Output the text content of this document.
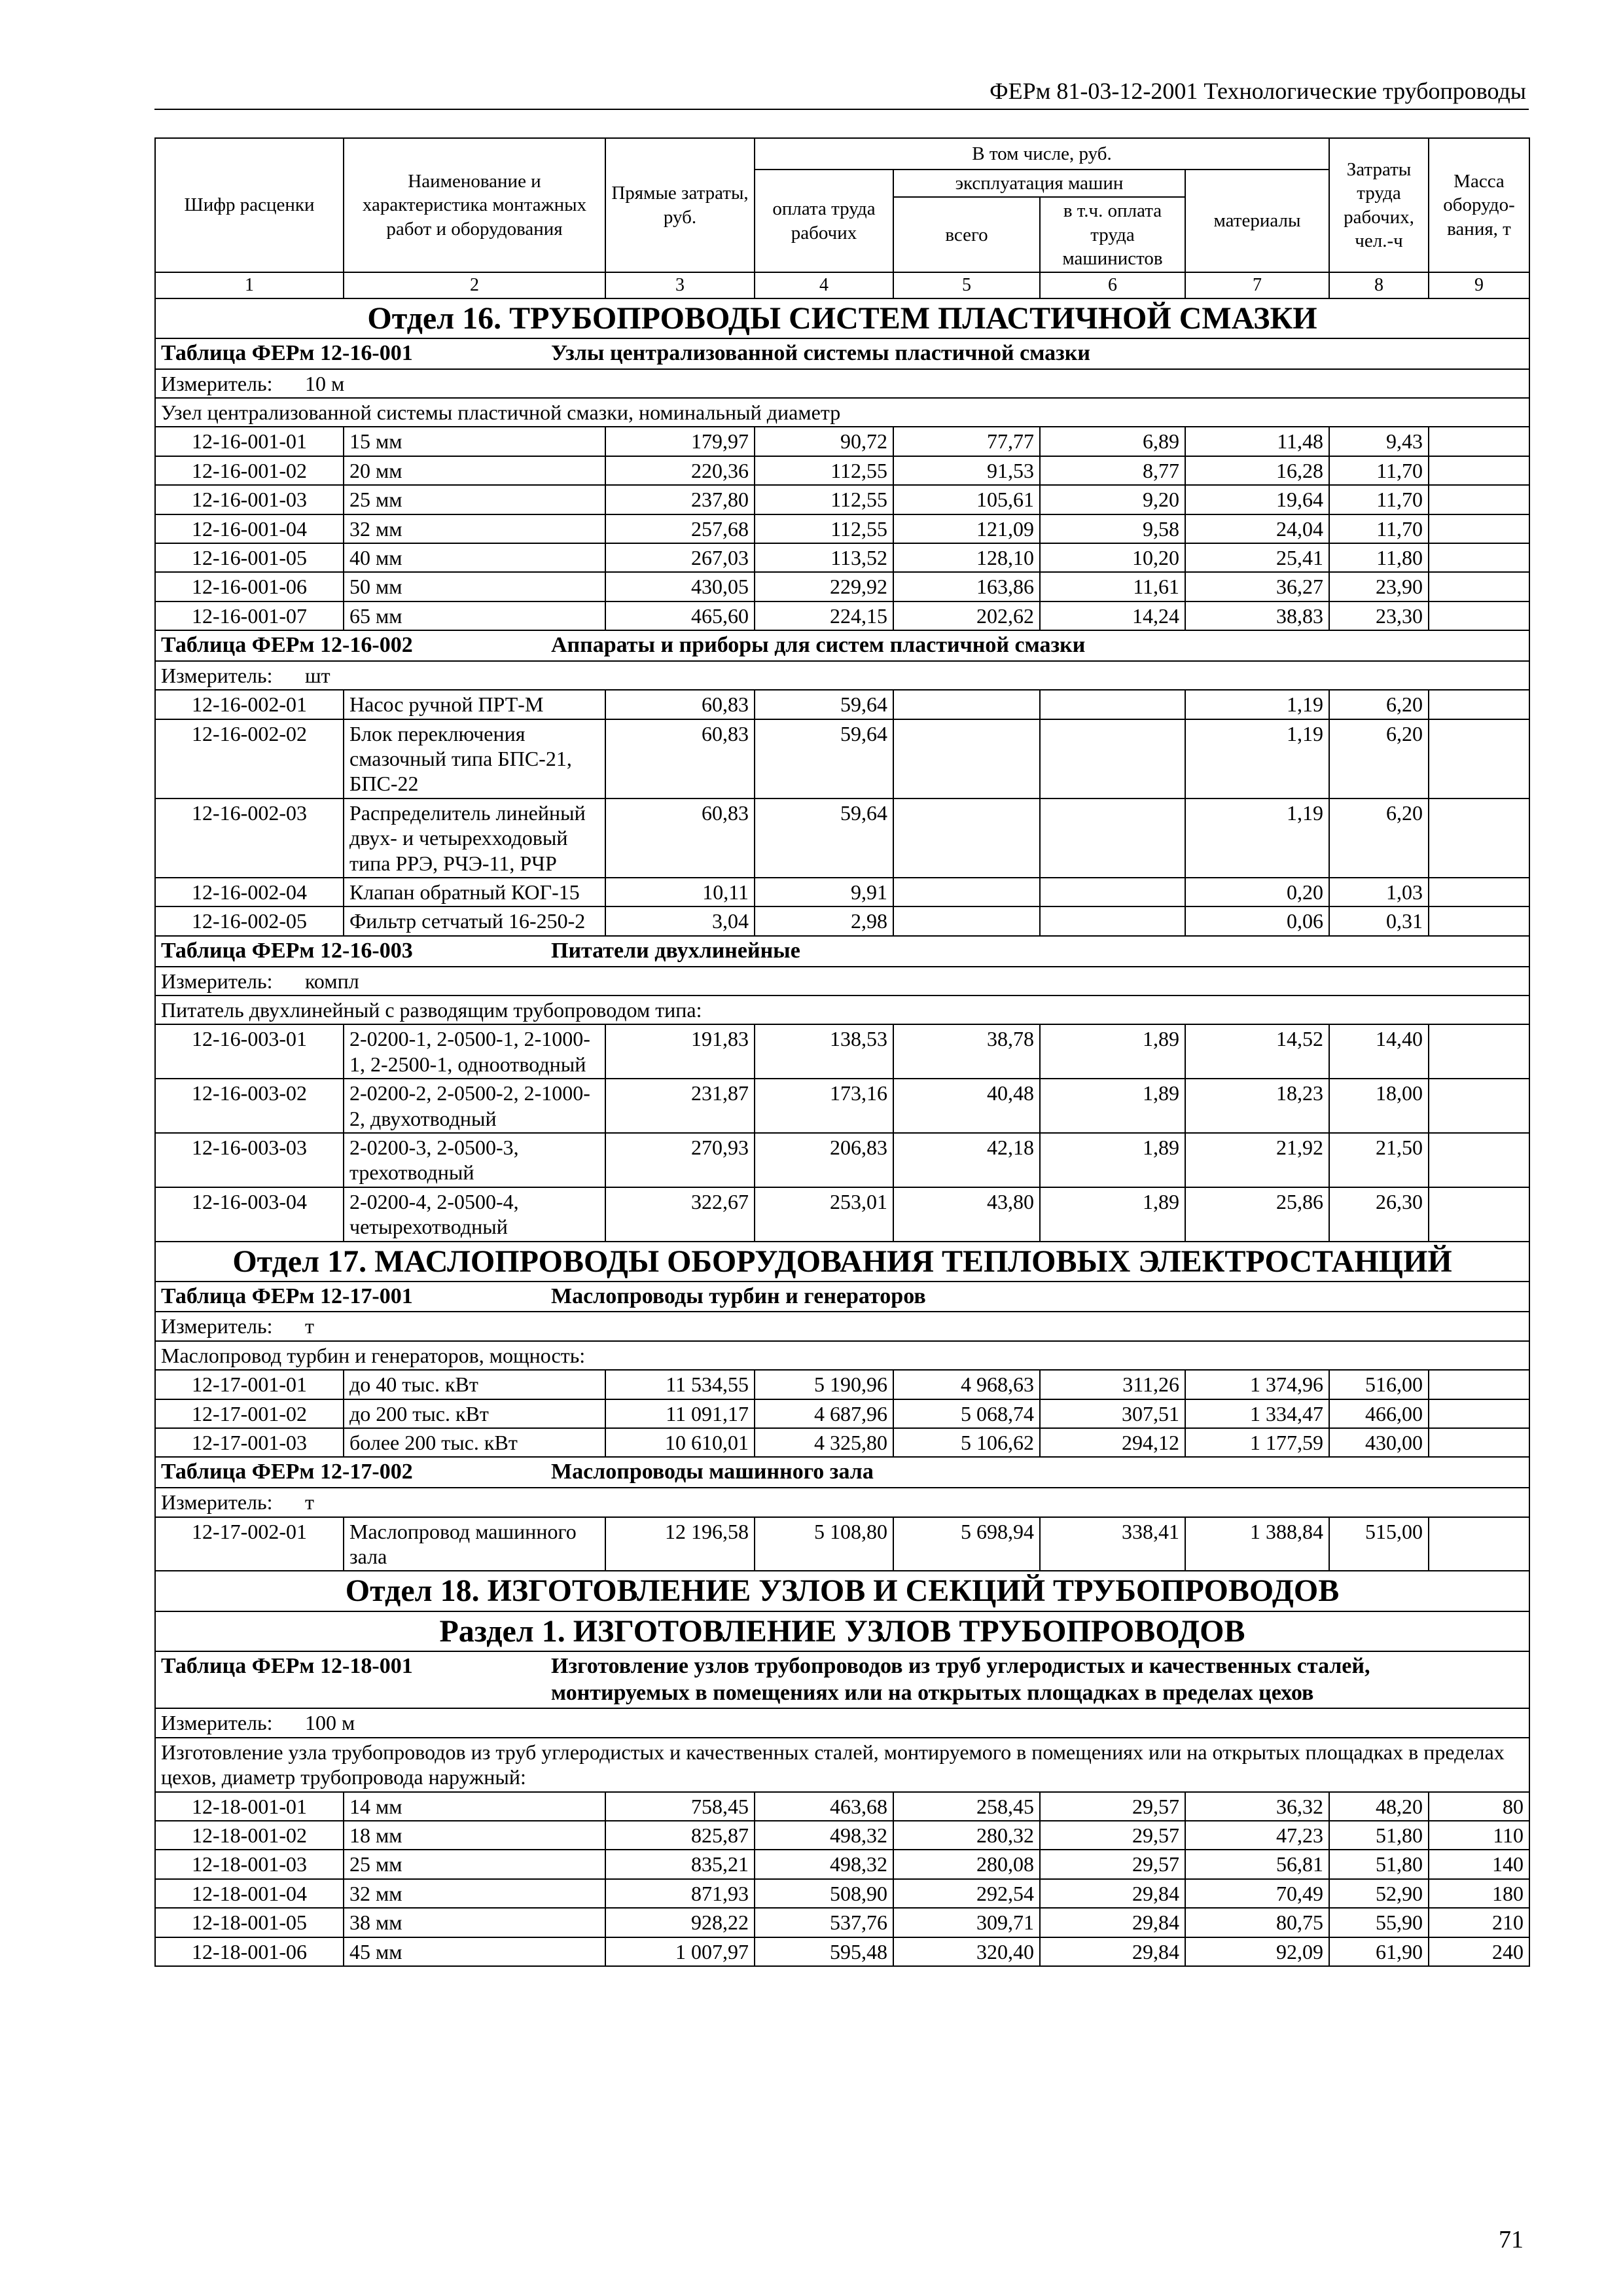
ФЕРм 81-03-12-2001 Технологические трубопроводы
Шифр расценки	Наименование и характеристика монтажных работ и оборудования	Прямые затраты, руб.	В том числе, руб.				Затраты труда рабочих, чел.-ч	Масса оборудо-вания, т
			оплата труда рабочих	эксплуатация машин		материалы		
				всего	в т.ч. оплата труда машинистов			
1	2	3	4	5	6	7	8	9
Отдел 16. ТРУБОПРОВОДЫ СИСТЕМ ПЛАСТИЧНОЙ СМАЗКИ								
Таблица ФЕРм 12-16-001 Узлы централизованной системы пластичной смазки								
Измеритель: 10 м								
Узел централизованной системы пластичной смазки, номинальный диаметр								
12-16-001-01	15 мм	179,97	90,72	77,77	6,89	11,48	9,43	
12-16-001-02	20 мм	220,36	112,55	91,53	8,77	16,28	11,70	
12-16-001-03	25 мм	237,80	112,55	105,61	9,20	19,64	11,70	
12-16-001-04	32 мм	257,68	112,55	121,09	9,58	24,04	11,70	
12-16-001-05	40 мм	267,03	113,52	128,10	10,20	25,41	11,80	
12-16-001-06	50 мм	430,05	229,92	163,86	11,61	36,27	23,90	
12-16-001-07	65 мм	465,60	224,15	202,62	14,24	38,83	23,30	
Таблица ФЕРм 12-16-002 Аппараты и приборы для систем пластичной смазки								
Измеритель: шт								
12-16-002-01	Насос ручной ПРТ-М	60,83	59,64			1,19	6,20	
12-16-002-02	Блок переключения смазочный типа БПС-21, БПС-22	60,83	59,64			1,19	6,20	
12-16-002-03	Распределитель линейный двух- и четырехходовый типа РРЭ, РЧЭ-11, РЧР	60,83	59,64			1,19	6,20	
12-16-002-04	Клапан обратный КОГ-15	10,11	9,91			0,20	1,03	
12-16-002-05	Фильтр сетчатый 16-250-2	3,04	2,98			0,06	0,31	
Таблица ФЕРм 12-16-003 Питатели двухлинейные								
Измеритель: компл								
Питатель двухлинейный с разводящим трубопроводом типа:								
12-16-003-01	2-0200-1, 2-0500-1, 2-1000-1, 2-2500-1, одноотводный	191,83	138,53	38,78	1,89	14,52	14,40	
12-16-003-02	2-0200-2, 2-0500-2, 2-1000-2, двухотводный	231,87	173,16	40,48	1,89	18,23	18,00	
12-16-003-03	2-0200-3, 2-0500-3, трехотводный	270,93	206,83	42,18	1,89	21,92	21,50	
12-16-003-04	2-0200-4, 2-0500-4, четырехотводный	322,67	253,01	43,80	1,89	25,86	26,30	
Отдел 17. МАСЛОПРОВОДЫ ОБОРУДОВАНИЯ ТЕПЛОВЫХ ЭЛЕКТРОСТАНЦИЙ								
Таблица ФЕРм 12-17-001 Маслопроводы турбин и генераторов								
Измеритель: т								
Маслопровод турбин и генераторов, мощность:								
12-17-001-01	до 40 тыс. кВт	11 534,55	5 190,96	4 968,63	311,26	1 374,96	516,00	
12-17-001-02	до 200 тыс. кВт	11 091,17	4 687,96	5 068,74	307,51	1 334,47	466,00	
12-17-001-03	более 200 тыс. кВт	10 610,01	4 325,80	5 106,62	294,12	1 177,59	430,00	
Таблица ФЕРм 12-17-002 Маслопроводы машинного зала								
Измеритель: т								
12-17-002-01	Маслопровод машинного зала	12 196,58	5 108,80	5 698,94	338,41	1 388,84	515,00	
Отдел 18. ИЗГОТОВЛЕНИЕ УЗЛОВ И СЕКЦИЙ ТРУБОПРОВОДОВ								
Раздел 1. ИЗГОТОВЛЕНИЕ УЗЛОВ ТРУБОПРОВОДОВ								
Таблица ФЕРм 12-18-001 Изготовление узлов трубопроводов из труб углеродистых и качественных сталей, монтируемых в помещениях или на открытых площадках в пределах цехов								
Измеритель: 100 м								
Изготовление узла трубопроводов из труб углеродистых и качественных сталей, монтируемого в помещениях или на открытых площадках в пределах цехов, диаметр трубопровода наружный:								
12-18-001-01	14 мм	758,45	463,68	258,45	29,57	36,32	48,20	80
12-18-001-02	18 мм	825,87	498,32	280,32	29,57	47,23	51,80	110
12-18-001-03	25 мм	835,21	498,32	280,08	29,57	56,81	51,80	140
12-18-001-04	32 мм	871,93	508,90	292,54	29,84	70,49	52,90	180
12-18-001-05	38 мм	928,22	537,76	309,71	29,84	80,75	55,90	210
12-18-001-06	45 мм	1 007,97	595,48	320,40	29,84	92,09	61,90	240
71
